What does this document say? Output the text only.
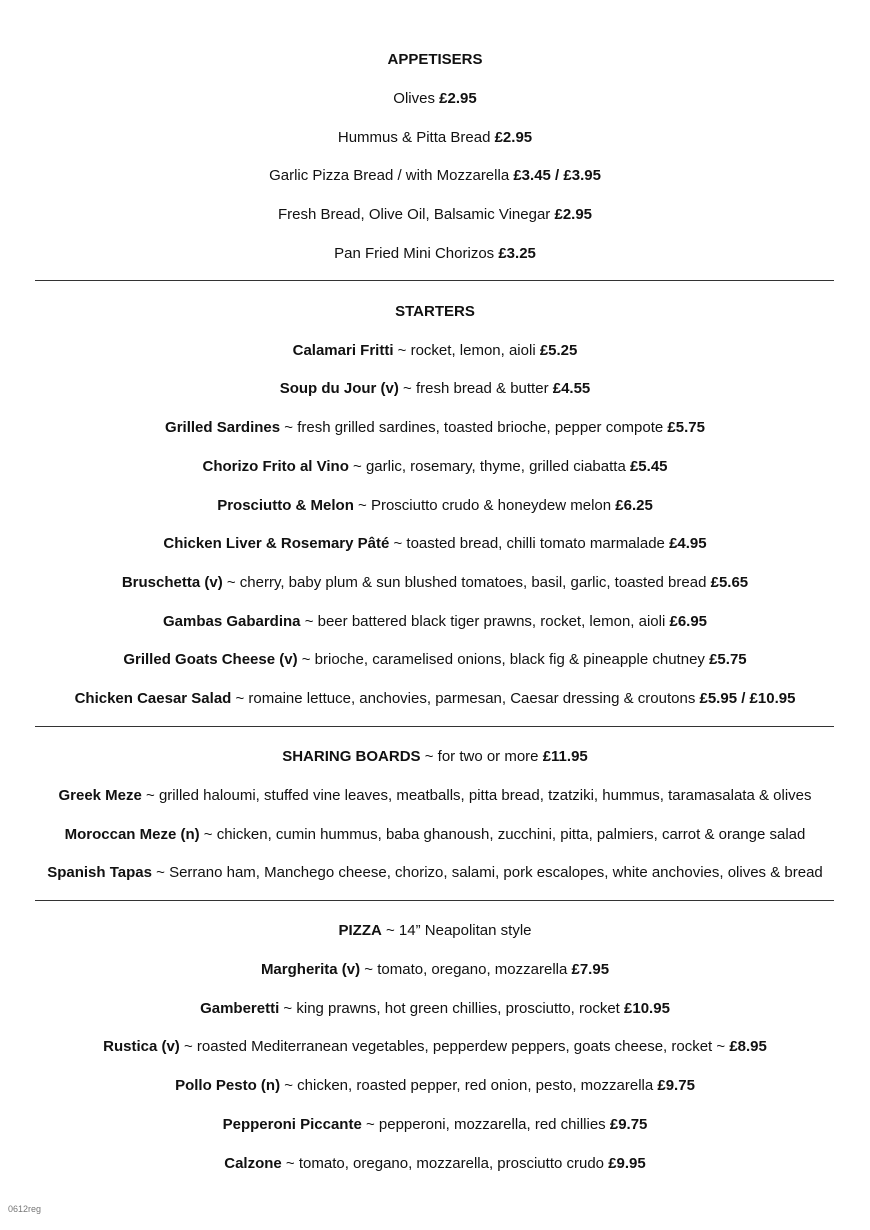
APPETISERS
Olives £2.95
Hummus & Pitta Bread £2.95
Garlic Pizza Bread / with Mozzarella £3.45 / £3.95
Fresh Bread, Olive Oil, Balsamic Vinegar £2.95
Pan Fried Mini Chorizos £3.25
STARTERS
Calamari Fritti ~ rocket, lemon, aioli £5.25
Soup du Jour (v) ~ fresh bread & butter £4.55
Grilled Sardines ~ fresh grilled sardines, toasted brioche, pepper compote £5.75
Chorizo Frito al Vino ~ garlic, rosemary, thyme, grilled ciabatta £5.45
Prosciutto & Melon ~ Prosciutto crudo & honeydew melon £6.25
Chicken Liver & Rosemary Pâté ~ toasted bread, chilli tomato marmalade £4.95
Bruschetta (v) ~ cherry, baby plum & sun blushed tomatoes, basil, garlic, toasted bread £5.65
Gambas Gabardina ~ beer battered black tiger prawns, rocket, lemon, aioli £6.95
Grilled Goats Cheese (v) ~ brioche, caramelised onions, black fig & pineapple chutney £5.75
Chicken Caesar Salad ~ romaine lettuce, anchovies, parmesan, Caesar dressing & croutons £5.95 / £10.95
SHARING BOARDS ~ for two or more £11.95
Greek Meze ~ grilled haloumi, stuffed vine leaves, meatballs, pitta bread, tzatziki, hummus, taramasalata & olives
Moroccan Meze (n) ~ chicken, cumin hummus, baba ghanoush, zucchini, pitta, palmiers, carrot & orange salad
Spanish Tapas ~ Serrano ham, Manchego cheese, chorizo, salami, pork escalopes, white anchovies, olives & bread
PIZZA ~ 14” Neapolitan style
Margherita (v) ~ tomato, oregano, mozzarella £7.95
Gamberetti ~ king prawns, hot green chillies, prosciutto, rocket £10.95
Rustica (v) ~ roasted Mediterranean vegetables, pepperdew peppers, goats cheese, rocket ~ £8.95
Pollo Pesto (n) ~ chicken, roasted pepper, red onion, pesto, mozzarella £9.75
Pepperoni Piccante ~ pepperoni, mozzarella, red chillies £9.75
Calzone ~ tomato, oregano, mozzarella, prosciutto crudo £9.95
0612reg
